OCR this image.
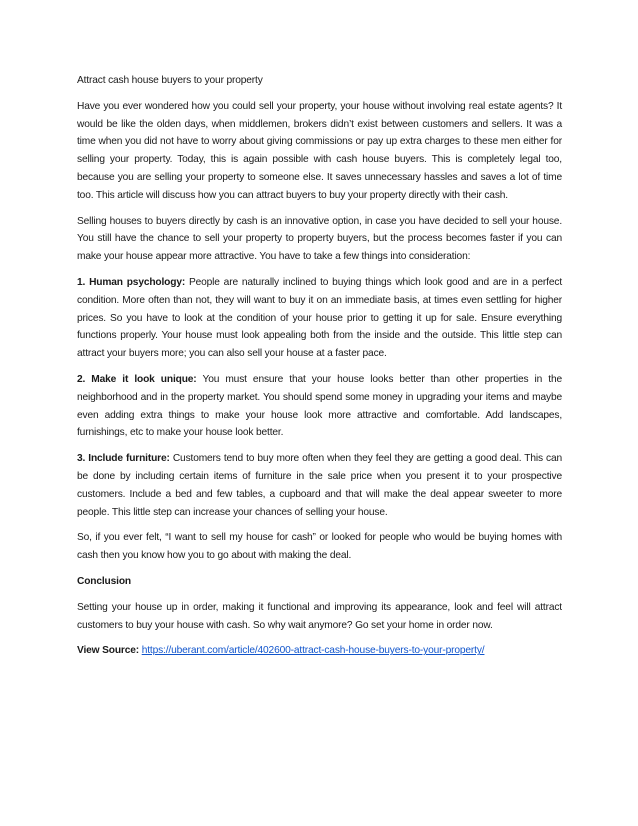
Attract cash house buyers to your property

Have you ever wondered how you could sell your property, your house without involving real estate agents? It would be like the olden days, when middlemen, brokers didn’t exist between customers and sellers. It was a time when you did not have to worry about giving commissions or pay up extra charges to these men either for selling your property. Today, this is again possible with cash house buyers. This is completely legal too, because you are selling your property to someone else. It saves unnecessary hassles and saves a lot of time too. This article will discuss how you can attract buyers to buy your property directly with their cash.

Selling houses to buyers directly by cash is an innovative option, in case you have decided to sell your house. You still have the chance to sell your property to property buyers, but the process becomes faster if you can make your house appear more attractive. You have to take a few things into consideration:

1. Human psychology: People are naturally inclined to buying things which look good and are in a perfect condition. More often than not, they will want to buy it on an immediate basis, at times even settling for higher prices. So you have to look at the condition of your house prior to getting it up for sale. Ensure everything functions properly. Your house must look appealing both from the inside and the outside. This little step can attract your buyers more; you can also sell your house at a faster pace.

2. Make it look unique: You must ensure that your house looks better than other properties in the neighborhood and in the property market. You should spend some money in upgrading your items and maybe even adding extra things to make your house look more attractive and comfortable. Add landscapes, furnishings, etc to make your house look better.

3. Include furniture: Customers tend to buy more often when they feel they are getting a good deal. This can be done by including certain items of furniture in the sale price when you present it to your prospective customers. Include a bed and few tables, a cupboard and that will make the deal appear sweeter to more people. This little step can increase your chances of selling your house.

So, if you ever felt, “I want to sell my house for cash” or looked for people who would be buying homes with cash then you know how you to go about with making the deal.

Conclusion

Setting your house up in order, making it functional and improving its appearance, look and feel will attract customers to buy your house with cash. So why wait anymore? Go set your home in order now.

View Source: https://uberant.com/article/402600-attract-cash-house-buyers-to-your-property/
